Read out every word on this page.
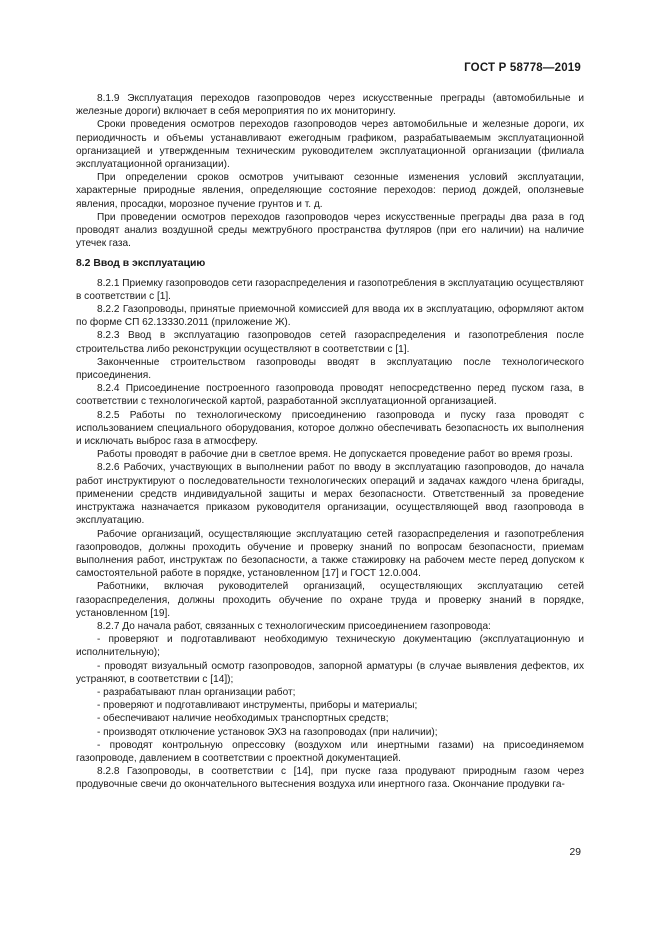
ГОСТ Р 58778—2019

8.1.9 Эксплуатация переходов газопроводов через искусственные преграды (автомобильные и железные дороги) включает в себя мероприятия по их мониторингу.

Сроки проведения осмотров переходов газопроводов через автомобильные и железные дороги, их периодичность и объемы устанавливают ежегодным графиком, разрабатываемым эксплуатационной организацией и утвержденным техническим руководителем эксплуатационной организации (филиала эксплуатационной организации).

При определении сроков осмотров учитывают сезонные изменения условий эксплуатации, характерные природные явления, определяющие состояние переходов: период дождей, оползневые явления, просадки, морозное пучение грунтов и т. д.

При проведении осмотров переходов газопроводов через искусственные преграды два раза в год проводят анализ воздушной среды межтрубного пространства футляров (при его наличии) на наличие утечек газа.

8.2 Ввод в эксплуатацию

8.2.1 Приемку газопроводов сети газораспределения и газопотребления в эксплуатацию осуществляют в соответствии с [1].

8.2.2 Газопроводы, принятые приемочной комиссией для ввода их в эксплуатацию, оформляют актом по форме СП 62.13330.2011 (приложение Ж).

8.2.3 Ввод в эксплуатацию газопроводов сетей газораспределения и газопотребления после строительства либо реконструкции осуществляют в соответствии с [1].

Законченные строительством газопроводы вводят в эксплуатацию после технологического присоединения.

8.2.4 Присоединение построенного газопровода проводят непосредственно перед пуском газа, в соответствии с технологической картой, разработанной эксплуатационной организацией.

8.2.5 Работы по технологическому присоединению газопровода и пуску газа проводят с использованием специального оборудования, которое должно обеспечивать безопасность их выполнения и исключать выброс газа в атмосферу.

Работы проводят в рабочие дни в светлое время. Не допускается проведение работ во время грозы.

8.2.6 Рабочих, участвующих в выполнении работ по вводу в эксплуатацию газопроводов, до начала работ инструктируют о последовательности технологических операций и задачах каждого члена бригады, применении средств индивидуальной защиты и мерах безопасности. Ответственный за проведение инструктажа назначается приказом руководителя организации, осуществляющей ввод газопровода в эксплуатацию.

Рабочие организаций, осуществляющие эксплуатацию сетей газораспределения и газопотребления газопроводов, должны проходить обучение и проверку знаний по вопросам безопасности, приемам выполнения работ, инструктаж по безопасности, а также стажировку на рабочем месте перед допуском к самостоятельной работе в порядке, установленном [17] и ГОСТ 12.0.004.

Работники, включая руководителей организаций, осуществляющих эксплуатацию сетей газораспределения, должны проходить обучение по охране труда и проверку знаний в порядке, установленном [19].

8.2.7 До начала работ, связанных с технологическим присоединением газопровода:

- проверяют и подготавливают необходимую техническую документацию (эксплуатационную и исполнительную);

- проводят визуальный осмотр газопроводов, запорной арматуры (в случае выявления дефектов, их устраняют, в соответствии с [14]);

- разрабатывают план организации работ;

- проверяют и подготавливают инструменты, приборы и материалы;

- обеспечивают наличие необходимых транспортных средств;

- производят отключение установок ЭХЗ на газопроводах (при наличии);

- проводят контрольную опрессовку (воздухом или инертными газами) на присоединяемом газопроводе, давлением в соответствии с проектной документацией.

8.2.8 Газопроводы, в соответствии с [14], при пуске газа продувают природным газом через продувочные свечи до окончательного вытеснения воздуха или инертного газа. Окончание продувки га-

29
